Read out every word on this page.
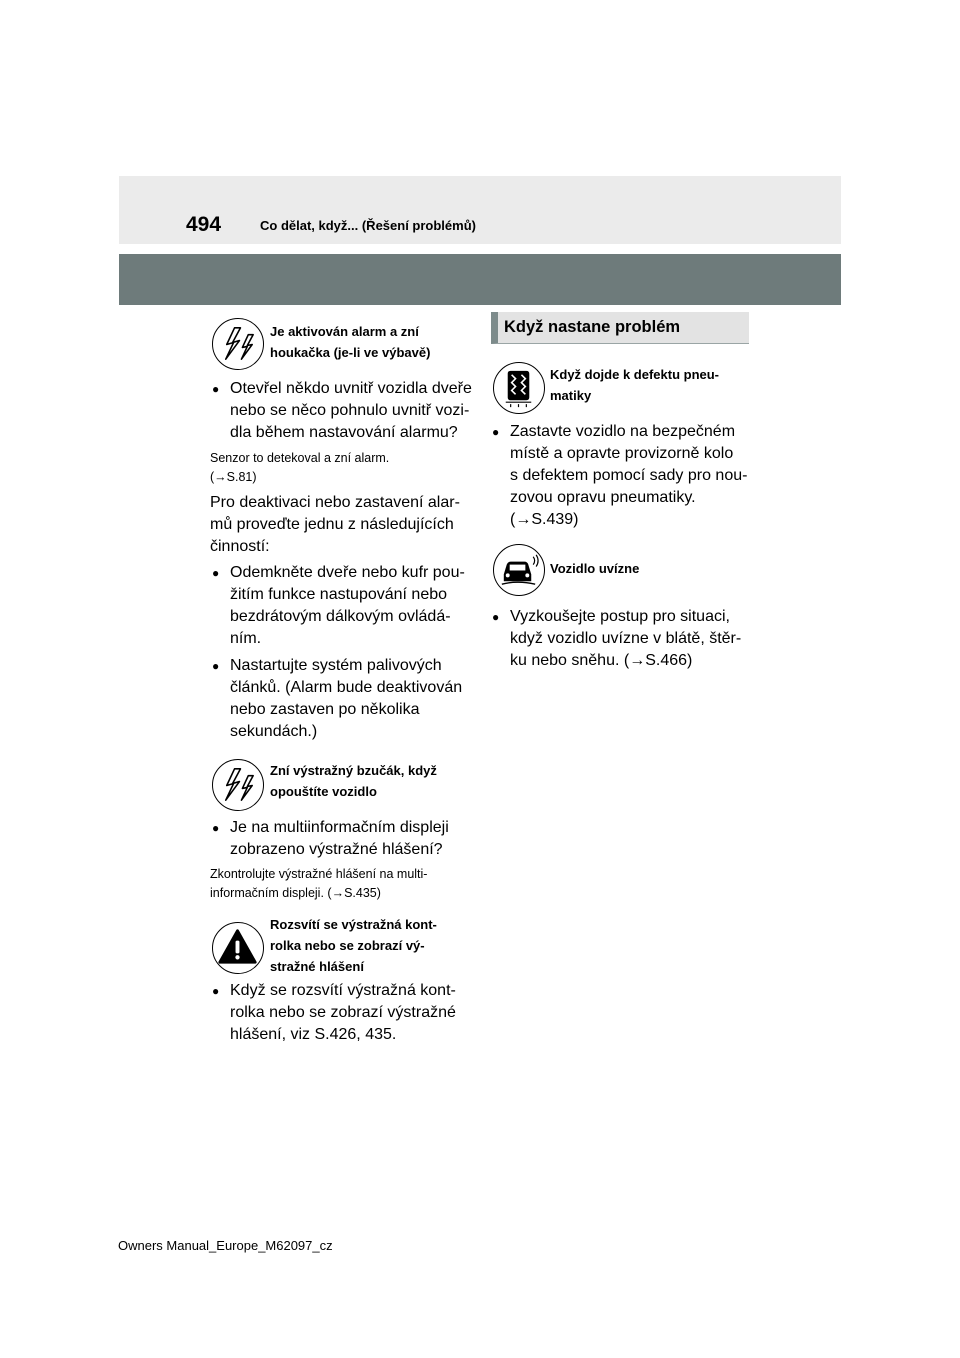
494	Co dělat, když... (Řešení problémů)
Je aktivován alarm a zní
houkačka (je-li ve výbavě)
● Otevřel někdo uvnitř vozidla dveře
nebo se něco pohnulo uvnitř vozi-
dla během nastavování alarmu?
Senzor to detekoval a zní alarm.
(→S.81)
Pro deaktivaci nebo zastavení alar-
mů proveďte jednu z následujících
činností:
● Odemkněte dveře nebo kufr pou-
žitím funkce nastupování nebo
bezdrátovým dálkovým ovládá-
ním.
● Nastartujte systém palivových
článků. (Alarm bude deaktivován
nebo zastaven po několika
sekundách.)
Zní výstražný bzučák, když
opouštíte vozidlo
● Je na multiinformačním displeji
zobrazeno výstražné hlášení?
Zkontrolujte výstražné hlášení na multi-
informačním displeji. (→S.435)
Rozsvítí se výstražná kont-
rolka nebo se zobrazí vý-
stražné hlášení
● Když se rozsvítí výstražná kont-
rolka nebo se zobrazí výstražné
hlášení, viz S.426, 435.
Když nastane problém
Když dojde k defektu pneu-
matiky
● Zastavte vozidlo na bezpečném
místě a opravte provizorně kolo
s defektem pomocí sady pro nou-
zovou opravu pneumatiky.
(→S.439)
Vozidlo uvízne
● Vyzkoušejte postup pro situaci,
když vozidlo uvízne v blátě, štěr-
ku nebo sněhu. (→S.466)
Owners Manual_Europe_M62097_cz
